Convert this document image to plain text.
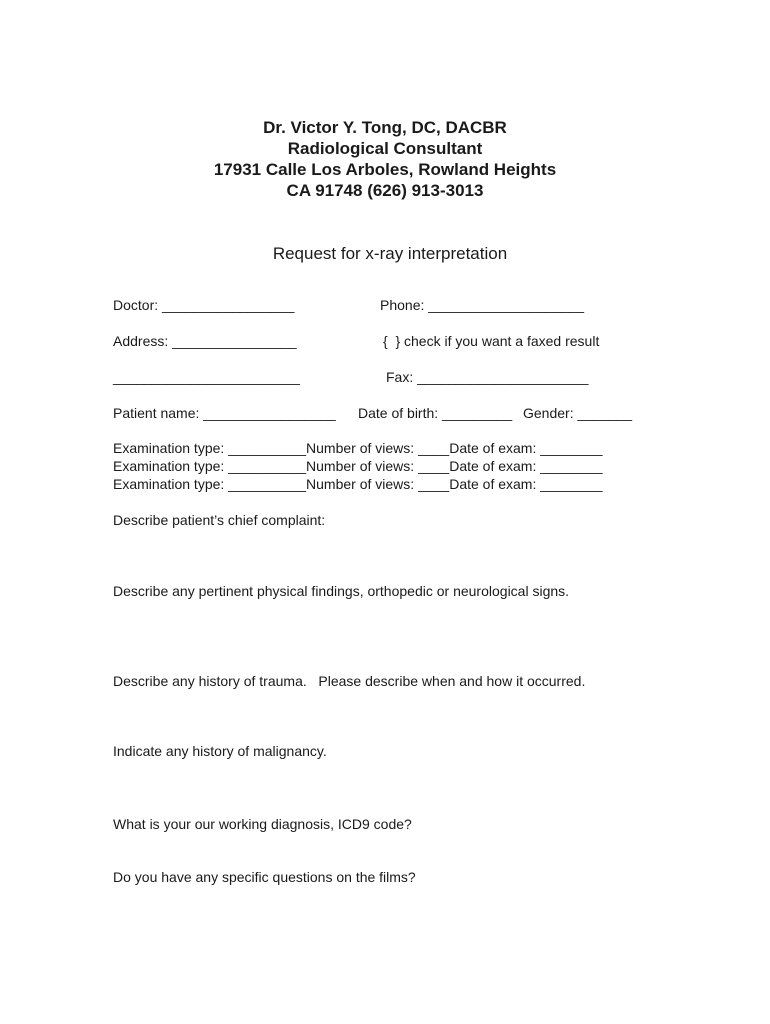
Dr. Victor Y. Tong, DC, DACBR
Radiological Consultant
17931 Calle Los Arboles, Rowland Heights
CA 91748 (626) 913-3013
Request for x-ray interpretation
Doctor: _________________	Phone: ____________________
Address: ________________	{  } check if you want a faxed result
________________________	Fax: ______________________
Patient name: _________________ Date of birth: _________ Gender: _______
Examination type: __________Number of views: ____Date of exam: ________
Examination type: __________Number of views: ____Date of exam: ________
Examination type: __________Number of views: ____Date of exam: ________
Describe patient’s chief complaint:
Describe any pertinent physical findings, orthopedic or neurological signs.
Describe any history of trauma.   Please describe when and how it occurred.
Indicate any history of malignancy.
What is your our working diagnosis, ICD9 code?
Do you have any specific questions on the films?
